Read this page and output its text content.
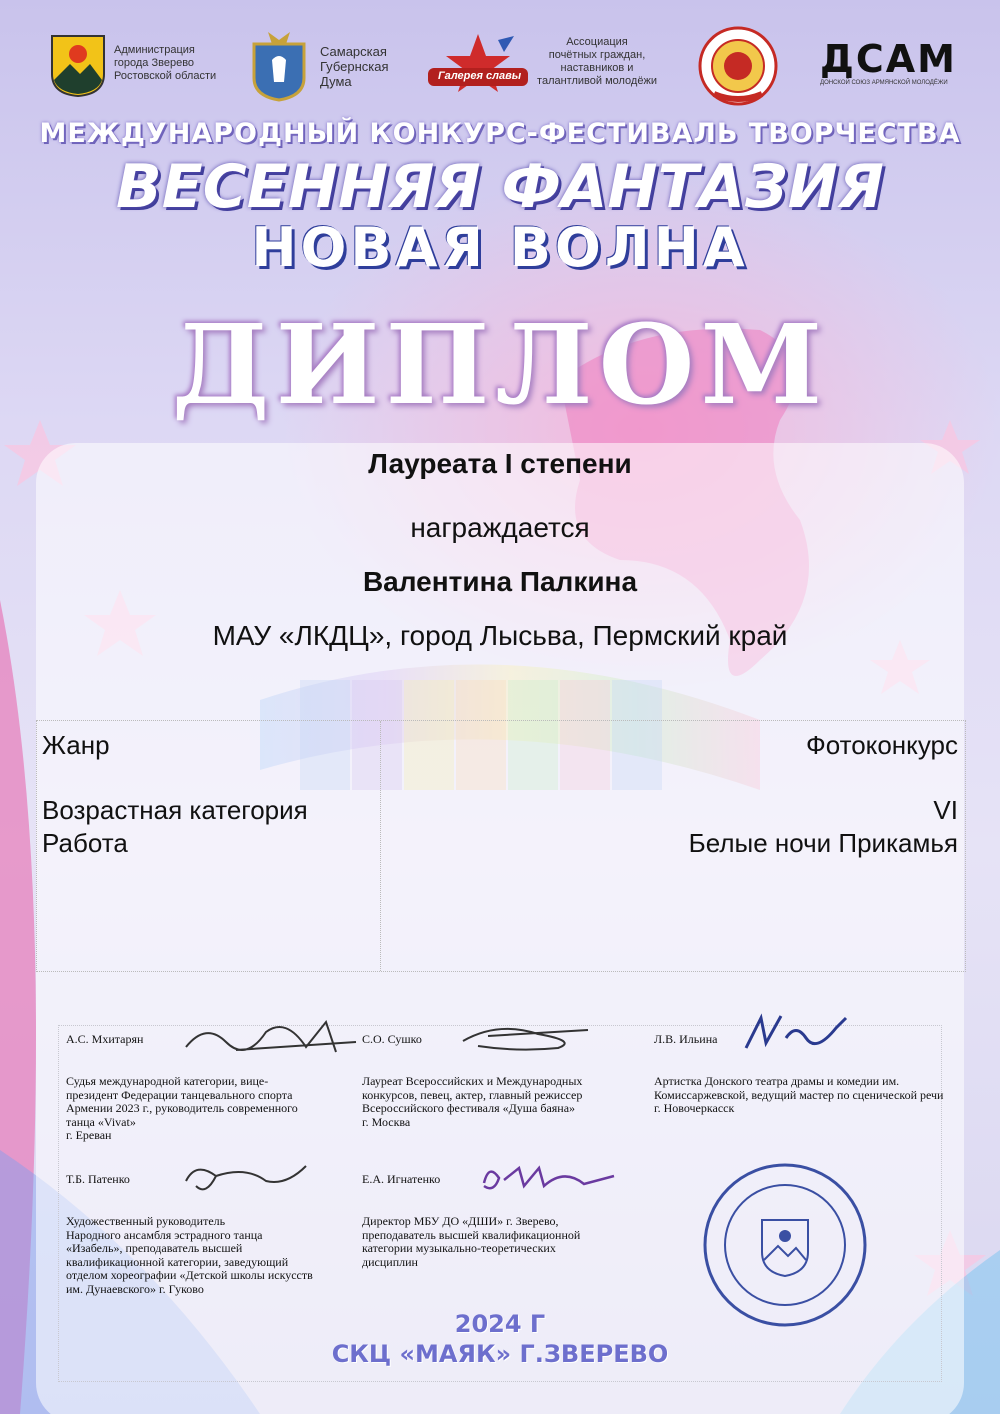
Администрация
города Зверево
Ростовской области
Самарская
Губернская
Дума	Галерея славы
Ассоциация
почётных граждан,
наставников и
талантливой молодёжи	ДСАМ
ДОНСКОЙ СОЮЗ АРМЯНСКОЙ МОЛОДЁЖИ
МЕЖДУНАРОДНЫЙ КОНКУРС-ФЕСТИВАЛЬ ТВОРЧЕСТВА
ВЕСЕННЯЯ ФАНТАЗИЯ
НОВАЯ ВОЛНА
ДИПЛОМ
Лауреата I степени
награждается
Валентина Палкина
МАУ «ЛКДЦ», город Лысьва, Пермский край
Жанр	Фотоконкурс
Возрастная категория	VI
Работа	Белые ночи Прикамья
А.С. Мхитарян
Судья международной категории, вице-
президент Федерации танцевального спорта
Армении 2023 г., руководитель современного
танца «Vivat»
г. Ереван
С.О. Сушко
Лауреат Всероссийских и Международных
конкурсов, певец, актер, главный режиссер
Всероссийского фестиваля «Душа баяна»
г. Москва
Л.В. Ильина
Артистка Донского театра драмы и комедии им.
Комиссаржевской, ведущий мастер по сценической речи
г. Новочеркасск
Т.Б. Патенко
Художественный руководитель
Народного ансамбля эстрадного танца
«Изабель», преподаватель высшей
квалификационной категории, заведующий
отделом хореографии «Детской школы искусств
им. Дунаевского» г. Гуково
Е.А. Игнатенко
Директор МБУ ДО «ДШИ» г. Зверево,
преподаватель высшей квалификационной
категории музыкально-теоретических
дисциплин
2024 Г
СКЦ «МАЯК» Г.ЗВЕРЕВО
